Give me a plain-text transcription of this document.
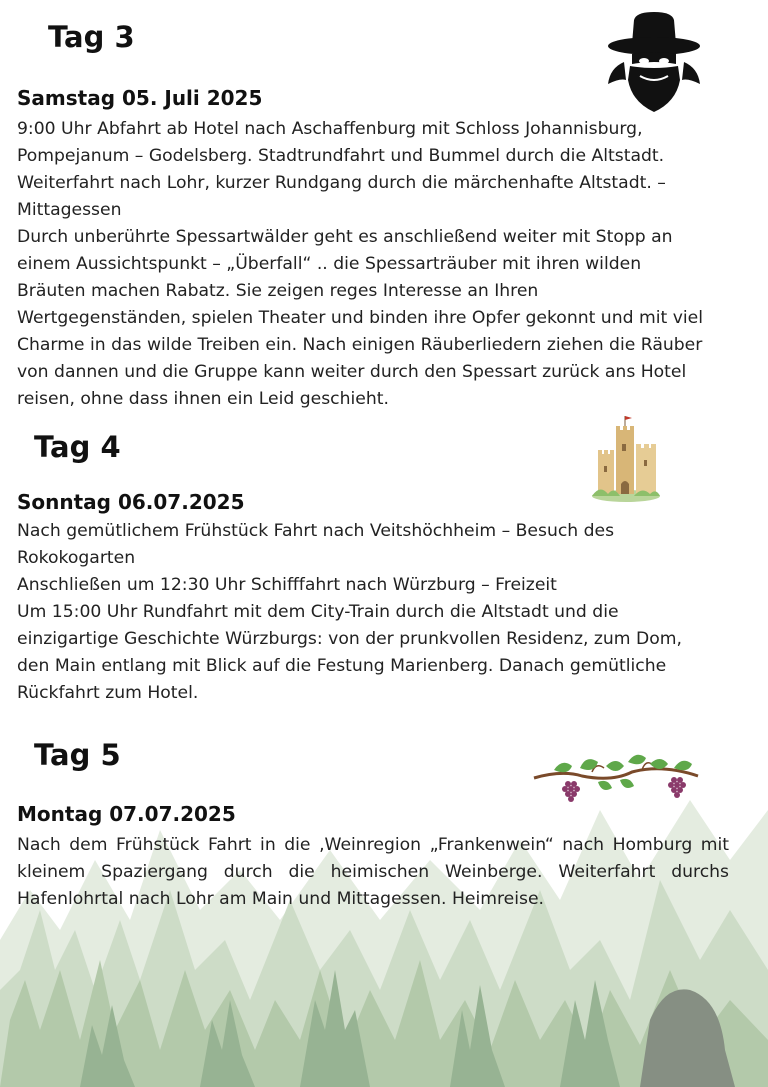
Tag 3
Samstag 05. Juli 2025

9:00 Uhr Abfahrt ab Hotel nach Aschaffenburg mit Schloss Johannisburg,
Pompejanum – Godelsberg. Stadtrundfahrt und Bummel durch die Altstadt.
Weiterfahrt nach Lohr, kurzer Rundgang durch die märchenhafte Altstadt. –
Mittagessen
Durch unberührte Spessartwälder geht es anschließend weiter mit Stopp an
einem Aussichtspunkt – „Überfall“ .. die Spessarträuber mit ihren wilden
Bräuten machen Rabatz. Sie zeigen reges Interesse an Ihren
Wertgegenständen, spielen Theater und binden ihre Opfer gekonnt und mit viel
Charme in das wilde Treiben ein. Nach einigen Räuberliedern ziehen die Räuber
von dannen und die Gruppe kann weiter durch den Spessart zurück ans Hotel
reisen, ohne dass ihnen ein Leid geschieht.

Tag 4
Sonntag 06.07.2025

Nach gemütlichem Frühstück Fahrt nach Veitshöchheim – Besuch des
Rokokogarten
Anschließen um 12:30 Uhr Schifffahrt nach Würzburg – Freizeit
Um 15:00 Uhr Rundfahrt mit dem City-Train durch die Altstadt und die
einzigartige Geschichte Würzburgs: von der prunkvollen Residenz, zum Dom,
den Main entlang mit Blick auf die Festung Marienberg. Danach gemütliche
Rückfahrt zum Hotel.

Tag 5
Montag 07.07.2025

Nach dem Frühstück Fahrt in die ‚Weinregion „Frankenwein“ nach Homburg mit kleinem Spaziergang durch die heimischen Weinberge. Weiterfahrt durchs Hafenlohrtal nach Lohr am Main und Mittagessen. Heimreise.
